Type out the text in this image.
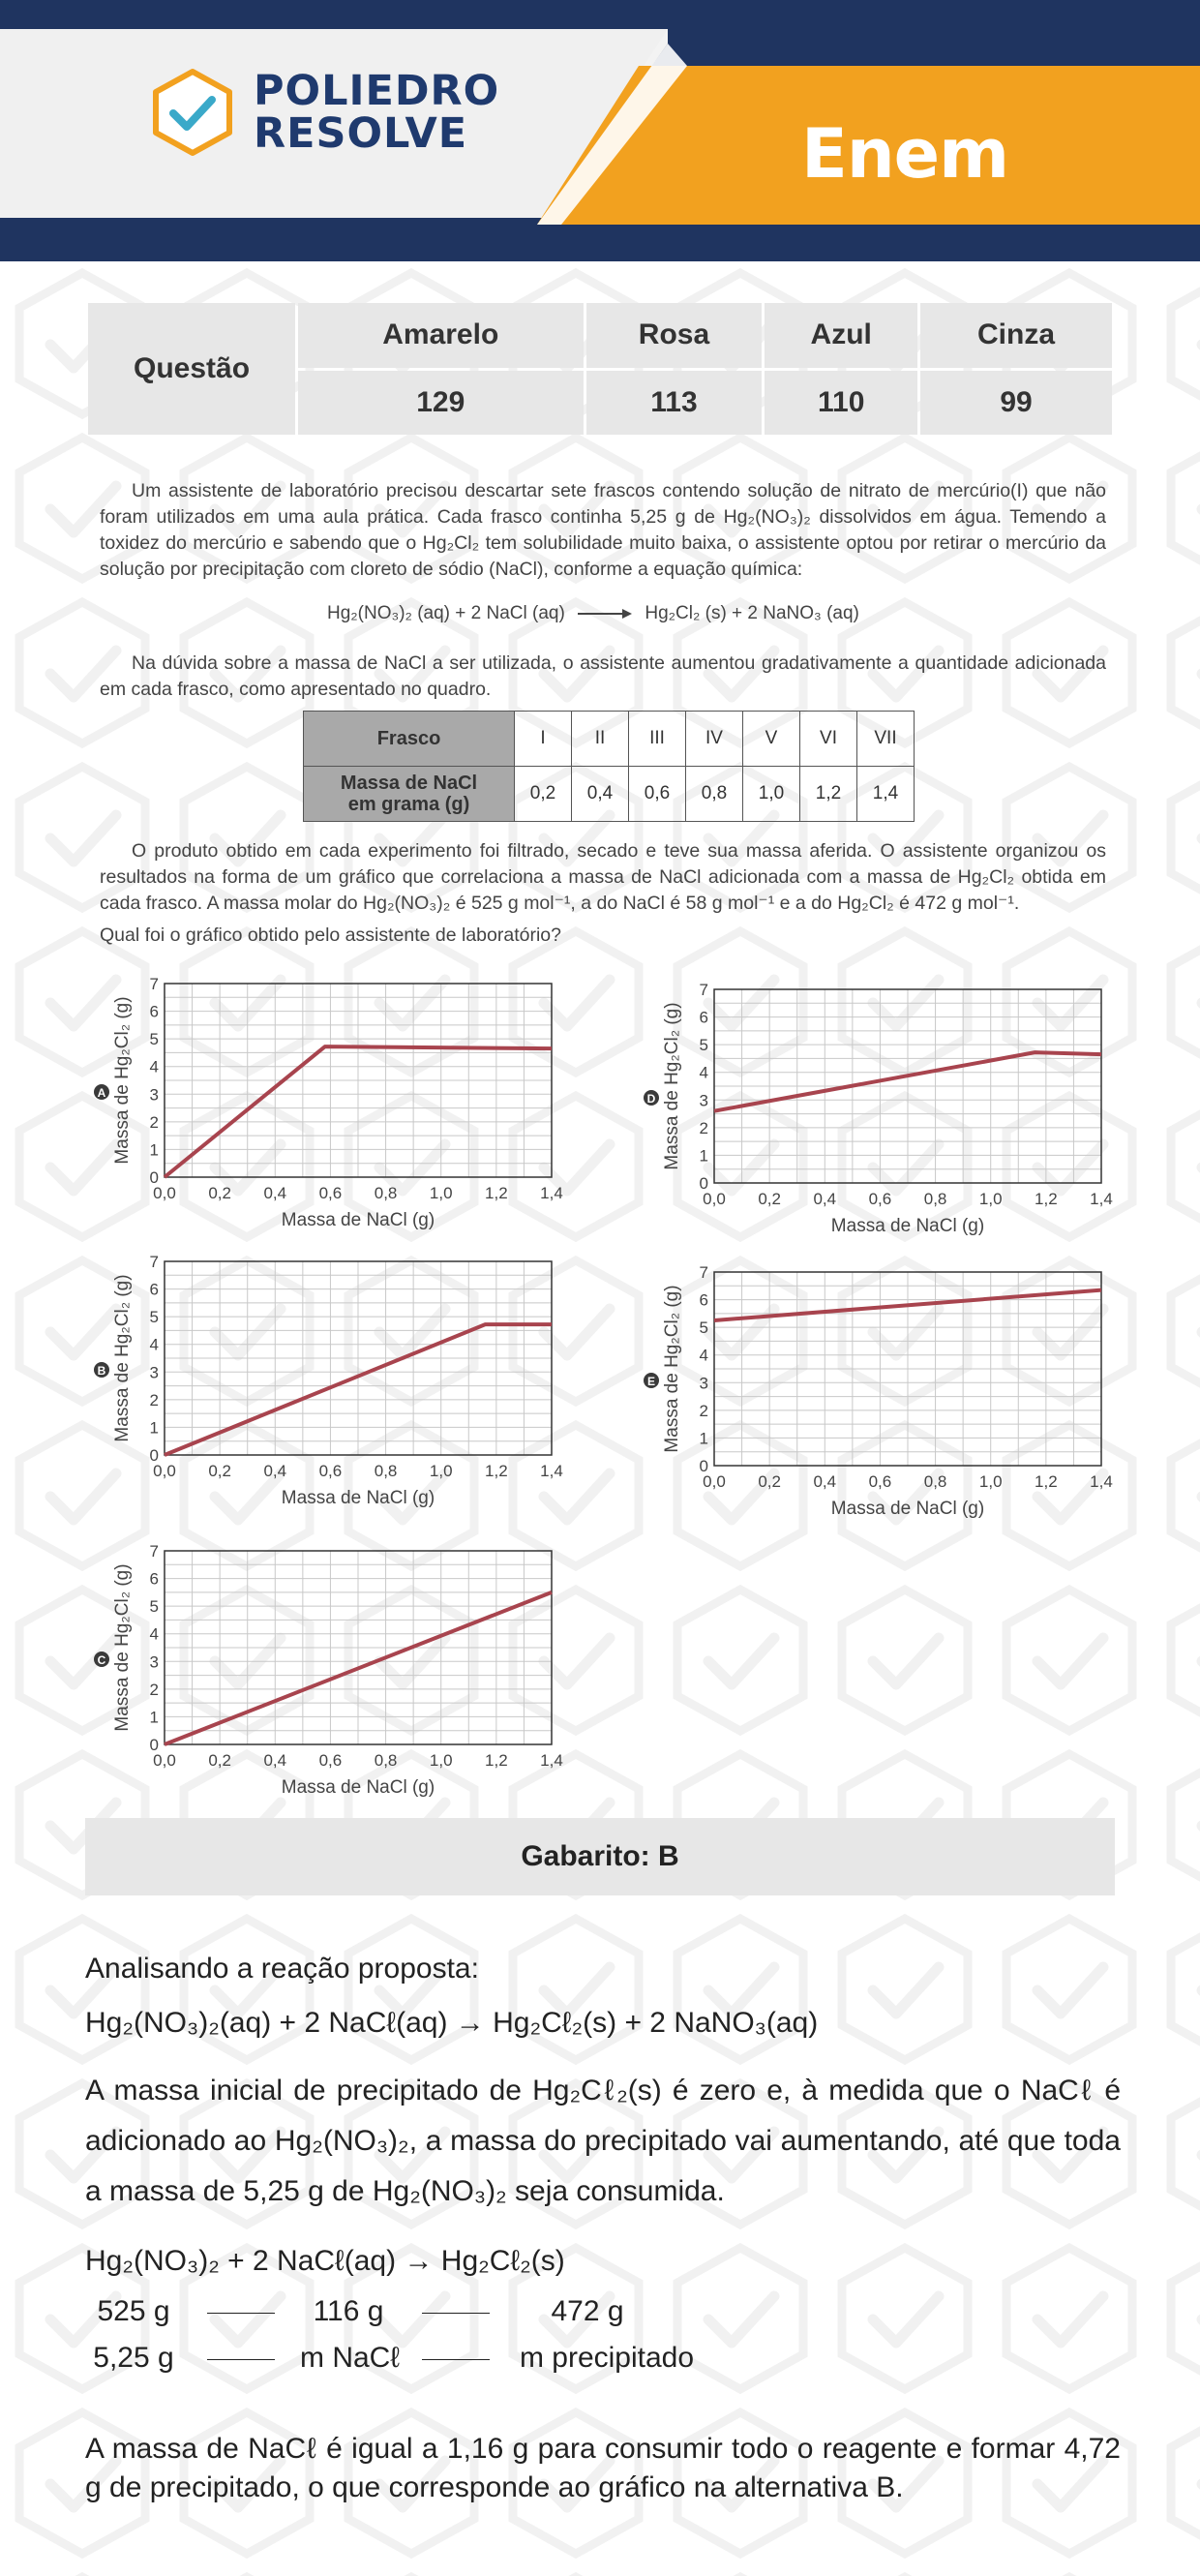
POLIEDRO
RESOLVE	Enem
Questão	Amarelo	Rosa	Azul	Cinza
	129	113	110	99

Um assistente de laboratório precisou descartar sete frascos contendo solução de nitrato de mercúrio(I) que não foram utilizados em uma aula prática. Cada frasco continha 5,25 g de Hg₂(NO₃)₂ dissolvidos em água. Temendo a toxidez do mercúrio e sabendo que o Hg₂Cl₂ tem solubilidade muito baixa, o assistente optou por retirar o mercúrio da solução por precipitação com cloreto de sódio (NaCl), conforme a equação química:

Hg₂(NO₃)₂ (aq) + 2 NaCl (aq) → Hg₂Cl₂ (s) + 2 NaNO₃ (aq)

Na dúvida sobre a massa de NaCl a ser utilizada, o assistente aumentou gradativamente a quantidade adicionada em cada frasco, como apresentado no quadro.

Frasco	I	II	III	IV	V	VI	VII

Massa de NaCl
em grama (g)	0,2	0,4	0,6	0,8	1,0	1,2	1,4

O produto obtido em cada experimento foi filtrado, secado e teve sua massa aferida. O assistente organizou os resultados na forma de um gráfico que correlaciona a massa de NaCl adicionada com a massa de Hg₂Cl₂ obtida em cada frasco. A massa molar do Hg₂(NO₃)₂ é 525 g mol⁻¹, a do NaCl é 58 g mol⁻¹ e a do Hg₂Cl₂ é 472 g mol⁻¹.

Qual foi o gráfico obtido pelo assistente de laboratório?
0,0 0,2 0,4 0,6 0,8 1,0 1,2 1,4
0
1
2
3
4
5
6
7
Massa de NaCl (g)
Massa de Hg₂Cl₂ (g)
A
0,0 0,2 0,4 0,6 0,8 1,0 1,2 1,4
0
1
2
3
4
5
6
7
Massa de NaCl (g)
Massa de Hg₂Cl₂ (g)
D
0,0 0,2 0,4 0,6 0,8 1,0 1,2 1,4
0
1
2
3
4
5
6
7
Massa de NaCl (g)
Massa de Hg₂Cl₂ (g)
B
0,0 0,2 0,4 0,6 0,8 1,0 1,2 1,4
0
1
2
3
4
5
6
7
Massa de NaCl (g)
Massa de Hg₂Cl₂ (g)
E
0,0 0,2 0,4 0,6 0,8 1,0 1,2 1,4
0
1
2
3
4
5
6
7
Massa de NaCl (g)
Massa de Hg₂Cl₂ (g)
C
Gabarito: B
Analisando a reação proposta:
Hg₂(NO₃)₂(aq) + 2 NaCℓ(aq) → Hg₂Cℓ₂(s) + 2 NaNO₃(aq)
A massa inicial de precipitado de Hg₂Cℓ₂(s) é zero e, à medida que o NaCℓ é adicionado ao Hg₂(NO₃)₂, a massa do precipitado vai aumentando, até que toda a massa de 5,25 g de Hg₂(NO₃)₂ seja consumida.
Hg₂(NO₃)₂ + 2 NaCℓ(aq) → Hg₂Cℓ₂(s)
525 g	116 g	472 g
5,25 g	m NaCℓ	m precipitado
A massa de NaCℓ é igual a 1,16 g para consumir todo o reagente e formar 4,72 g de precipitado, o que corresponde ao gráfico na alternativa B.
